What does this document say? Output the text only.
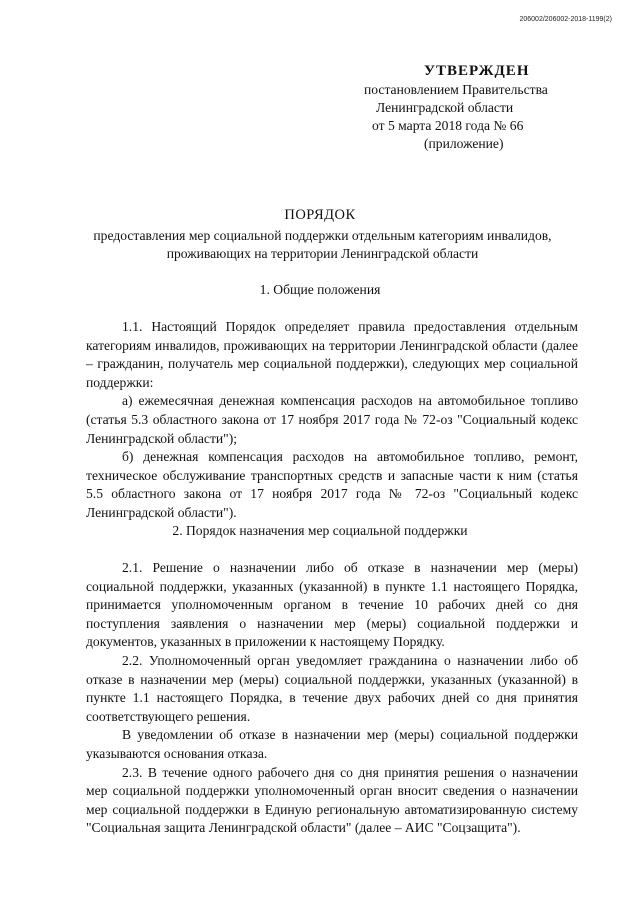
206002/206002-2018-1199(2)
УТВЕРЖДЕН
постановлением Правительства
Ленинградской области
от 5 марта 2018 года № 66
(приложение)
ПОРЯДОК
предоставления мер социальной поддержки отдельным категориям инвалидов, проживающих на территории Ленинградской области
1. Общие положения

1.1. Настоящий Порядок определяет правила предоставления отдельным категориям инвалидов, проживающих на территории Ленинградской области (далее – гражданин, получатель мер социальной поддержки), следующих мер социальной поддержки:

а) ежемесячная денежная компенсация расходов на автомобильное топливо (статья 5.3 областного закона от 17 ноября 2017 года № 72-оз "Социальный кодекс Ленинградской области");

б) денежная компенсация расходов на автомобильное топливо, ремонт, техническое обслуживание транспортных средств и запасные части к ним (статья 5.5 областного закона от 17 ноября 2017 года № 72-оз "Социальный кодекс Ленинградской области").

2. Порядок назначения мер социальной поддержки

2.1. Решение о назначении либо об отказе в назначении мер (меры) социальной поддержки, указанных (указанной) в пункте 1.1 настоящего Порядка, принимается уполномоченным органом в течение 10 рабочих дней со дня поступления заявления о назначении мер (меры) социальной поддержки и документов, указанных в приложении к настоящему Порядку.

2.2. Уполномоченный орган уведомляет гражданина о назначении либо об отказе в назначении мер (меры) социальной поддержки, указанных (указанной) в пункте 1.1 настоящего Порядка, в течение двух рабочих дней со дня принятия соответствующего решения.

В уведомлении об отказе в назначении мер (меры) социальной поддержки указываются основания отказа.

2.3. В течение одного рабочего дня со дня принятия решения о назначении мер социальной поддержки уполномоченный орган вносит сведения о назначении мер социальной поддержки в Единую региональную автоматизированную систему "Социальная защита Ленинградской области" (далее – АИС "Соцзащита").
